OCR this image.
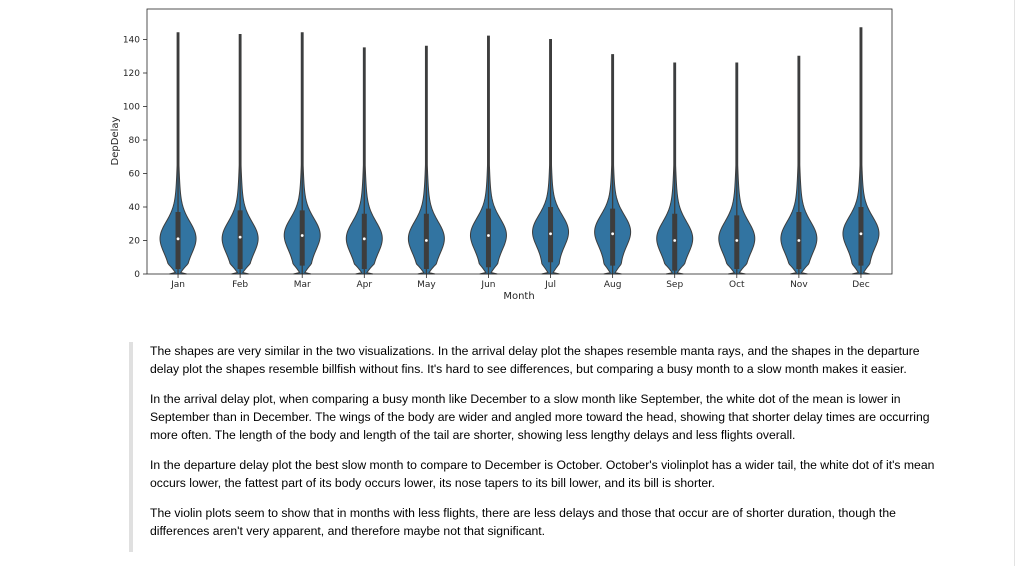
0
20
40
60
80
100
120
140
Jan	Feb	Mar	Apr	May	Jun	Jul	Aug	Sep	Oct	Nov	Dec
Month
DepDelay

The shapes are very similar in the two visualizations. In the arrival delay plot the shapes resemble manta rays, and the shapes in the departure delay plot the shapes resemble billfish without fins. It's hard to see differences, but comparing a busy month to a slow month makes it easier.

In the arrival delay plot, when comparing a busy month like December to a slow month like September, the white dot of the mean is lower in September than in December. The wings of the body are wider and angled more toward the head, showing that shorter delay times are occurring more often. The length of the body and length of the tail are shorter, showing less lengthy delays and less flights overall.

In the departure delay plot the best slow month to compare to December is October. October's violinplot has a wider tail, the white dot of it's mean occurs lower, the fattest part of its body occurs lower, its nose tapers to its bill lower, and its bill is shorter.

The violin plots seem to show that in months with less flights, there are less delays and those that occur are of shorter duration, though the differences aren't very apparent, and therefore maybe not that significant.
